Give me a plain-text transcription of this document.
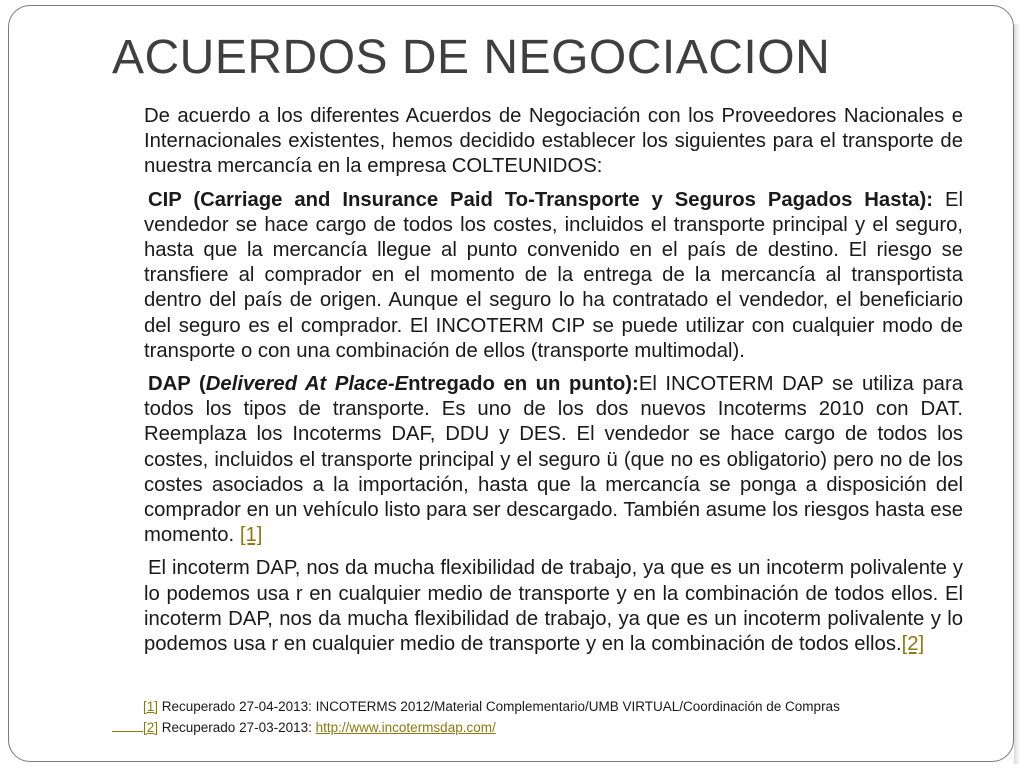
ACUERDOS DE NEGOCIACION

De acuerdo a los diferentes Acuerdos de Negociación con los Proveedores Nacionales e Internacionales existentes, hemos decidido establecer los siguientes para el transporte de nuestra mercancía en la empresa COLTEUNIDOS:

CIP (Carriage and Insurance Paid To-Transporte y Seguros Pagados Hasta): El vendedor se hace cargo de todos los costes, incluidos el transporte principal y el seguro, hasta que la mercancía llegue al punto convenido en el país de destino. El riesgo se transfiere al comprador en el momento de la entrega de la mercancía al transportista dentro del país de origen. Aunque el seguro lo ha contratado el vendedor, el beneficiario del seguro es el comprador. El INCOTERM CIP se puede utilizar con cualquier modo de transporte o con una combinación de ellos (transporte multimodal).

DAP (Delivered At Place-Entregado en un punto):El INCOTERM DAP se utiliza para todos los tipos de transporte. Es uno de los dos nuevos Incoterms 2010 con DAT. Reemplaza los Incoterms DAF, DDU y DES. El vendedor se hace cargo de todos los costes, incluidos el transporte principal y el seguro ü (que no es obligatorio) pero no de los costes asociados a la importación, hasta que la mercancía se ponga a disposición del comprador en un vehículo listo para ser descargado. También asume los riesgos hasta ese momento. [1]

El incoterm DAP, nos da mucha flexibilidad de trabajo, ya que es un incoterm polivalente y lo podemos usa r en cualquier medio de transporte y en la combinación de todos ellos. El incoterm DAP, nos da mucha flexibilidad de trabajo, ya que es un incoterm polivalente y lo podemos usa r en cualquier medio de transporte y en la combinación de todos ellos.[2]

[1] Recuperado 27-04-2013: INCOTERMS 2012/Material Complementario/UMB VIRTUAL/Coordinación de Compras
[2] Recuperado 27-03-2013: http://www.incotermsdap.com/
